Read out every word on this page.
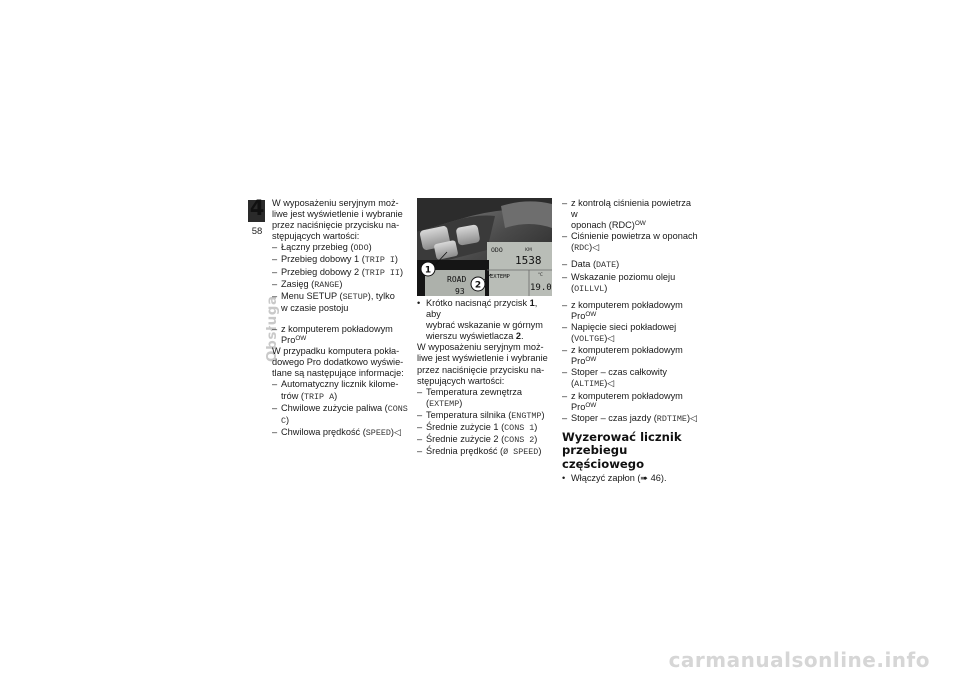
4
58
Obsługa

W wyposażeniu seryjnym moż-

liwe jest wyświetlenie i wybranie

przez naciśnięcie przycisku na-

stępujących wartości:

– Łączny przebieg (ODO)

– Przebieg dobowy 1 (TRIP I)

– Przebieg dobowy 2 (TRIP II)

– Zasięg (RANGE)

– Menu SETUP (SETUP), tylko
w czasie postoju

– z komputerem pokładowym
Pro$^{OW}$

W przypadku komputera pokła-

dowego Pro dodatkowo wyświe-

tlane są następujące informacje:

– Automatyczny licznik kilome-
trów (TRIP A)

– Chwilowe zużycie paliwa (CONS
C)

– Chwilowa prędkość (SPEED)◁

ODO	KM
1538
ROAD
93
EXTEMP	°C
19.0
1
2

• Krótko nacisnąć przycisk 1, aby
wybrać wskazanie w górnym
wierszu wyświetlacza 2.

W wyposażeniu seryjnym moż-

liwe jest wyświetlenie i wybranie

przez naciśnięcie przycisku na-

stępujących wartości:

– Temperatura zewnętrza
(EXTEMP)

– Temperatura silnika (ENGTMP)

– Średnie zużycie 1 (CONS 1)

– Średnie zużycie 2 (CONS 2)

– Średnia prędkość (Ø SPEED)

– z kontrolą ciśnienia powietrza w
oponach (RDC)$^{OW}$

– Ciśnienie powietrza w oponach
(RDC)◁

– Data (DATE)

– Wskazanie poziomu oleju
(OILLVL)

– z komputerem pokładowym
Pro$^{OW}$

– Napięcie sieci pokładowej
(VOLTGE)◁

– z komputerem pokładowym
Pro$^{OW}$

– Stoper – czas całkowity
(ALTIME)◁

– z komputerem pokładowym
Pro$^{OW}$

– Stoper – czas jazdy (RDTIME)◁

Wyzerować licznik
przebiegu częściowego

• Włączyć zapłon (➠ 46).

carmanualsonline.info
